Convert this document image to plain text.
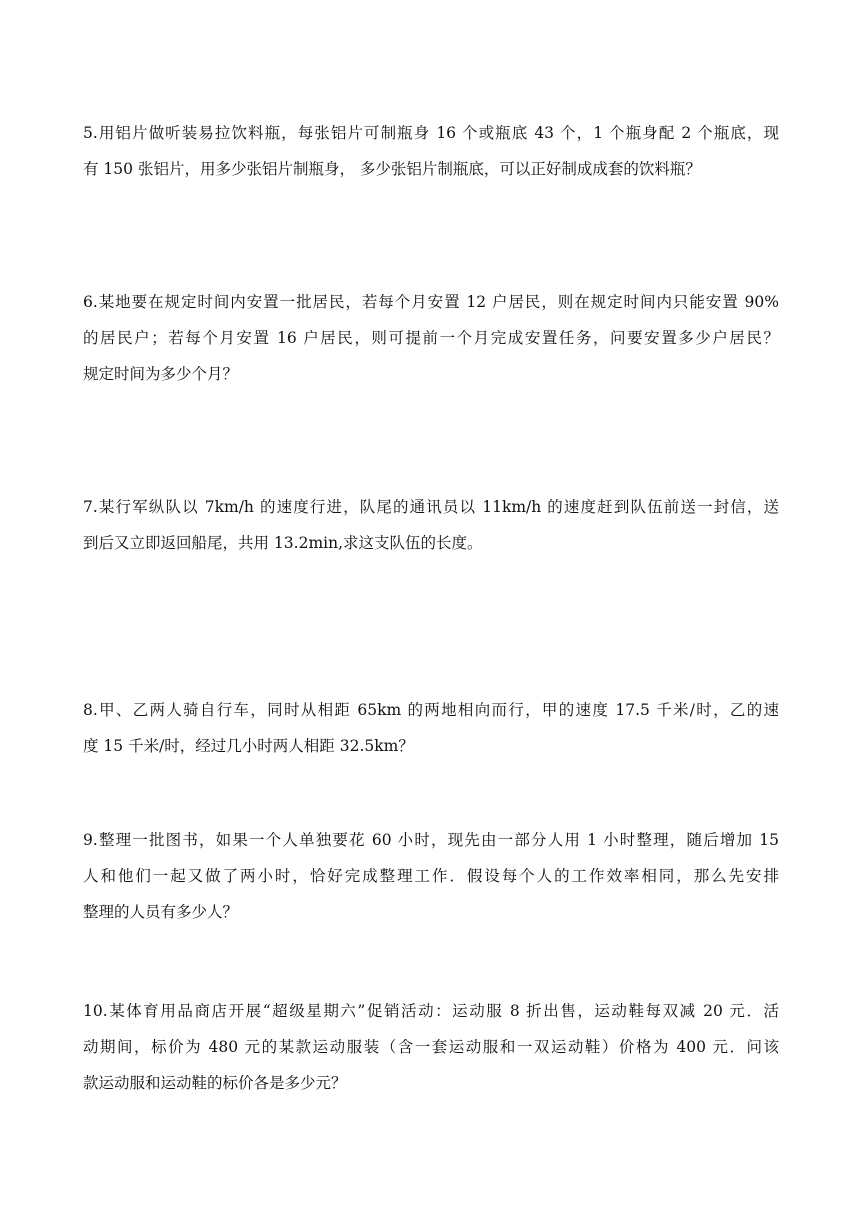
5.用铝片做听装易拉饮料瓶，每张铝片可制瓶身 16 个或瓶底 43 个，1 个瓶身配 2 个瓶底，现
有 150 张铝片，用多少张铝片制瓶身， 多少张铝片制瓶底，可以正好制成成套的饮料瓶？
6.某地要在规定时间内安置一批居民，若每个月安置 12 户居民，则在规定时间内只能安置 90%
的居民户；若每个月安置 16 户居民，则可提前一个月完成安置任务，问要安置多少户居民？
规定时间为多少个月？
7.某行军纵队以 7km/h 的速度行进，队尾的通讯员以 11km/h 的速度赶到队伍前送一封信，送
到后又立即返回船尾，共用 13.2min,求这支队伍的长度。
8.甲、乙两人骑自行车，同时从相距 65km 的两地相向而行，甲的速度 17.5 千米/时，乙的速
度 15 千米/时，经过几小时两人相距 32.5km？
9.整理一批图书，如果一个人单独要花 60 小时，现先由一部分人用 1 小时整理，随后增加 15
人和他们一起又做了两小时，恰好完成整理工作．假设每个人的工作效率相同，那么先安排
整理的人员有多少人？
10.某体育用品商店开展“超级星期六”促销活动：运动服 8 折出售，运动鞋每双减 20 元．活
动期间，标价为 480 元的某款运动服装（含一套运动服和一双运动鞋）价格为 400 元．问该
款运动服和运动鞋的标价各是多少元？
